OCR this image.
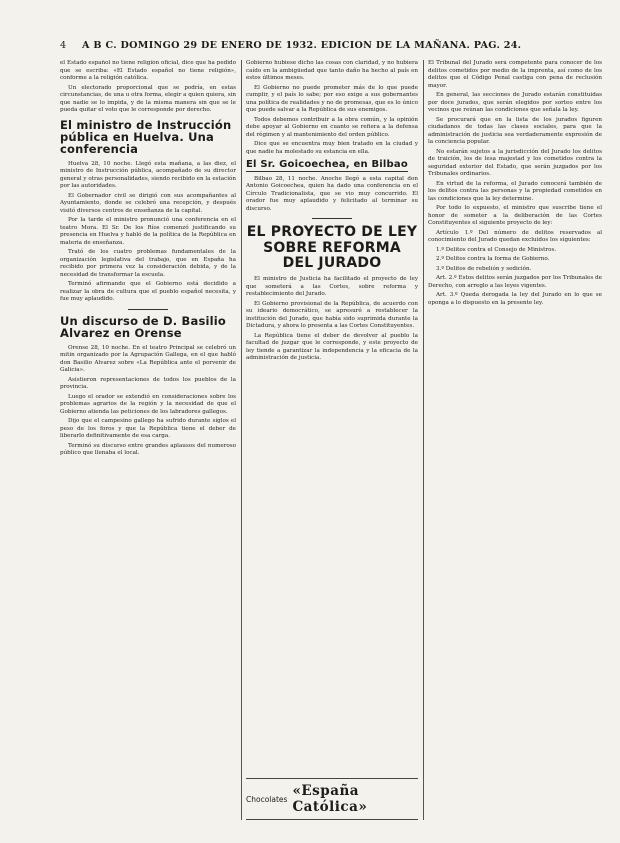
4 A B C. DOMINGO 29 DE ENERO DE 1932. EDICION DE LA MAÑANA. PAG. 24.

el Estado español no tiene religión oficial, dice que ha pedido que se escriba: «El Estado español no tiene religión», conforme a la religión católica.

Un electorado proporcional que se podría, en estas circunstancias, de una u otra forma, elegir a quien quiera, sin que nadie se lo impida, y de la misma manera sin que se le pueda quitar el voto que le corresponde por derecho.

El ministro de Instrucción pública en Huelva. Una conferencia

Huelva 28, 10 noche. Llegó esta mañana, a las diez, el ministro de Instrucción pública, acompañado de su director general y otras personalidades, siendo recibido en la estación por las autoridades.

El Gobernador civil se dirigió con sus acompañantes al Ayuntamiento, donde se celebró una recepción, y después visitó diversos centros de enseñanza de la capital.

Por la tarde el ministro pronunció una conferencia en el teatro Mora. El Sr. De los Ríos comenzó justificando su presencia en Huelva y habló de la política de la República en materia de enseñanza.

Trató de los cuatro problemas fundamentales de la organización legislativa del trabajo, que en España ha recibido por primera vez la consideración debida, y de la necesidad de transformar la escuela.

Terminó afirmando que el Gobierno está decidido a realizar la obra de cultura que el pueblo español necesita, y fue muy aplaudido.

Un discurso de D. Basilio Alvarez en Orense

Orense 28, 10 noche. En el teatro Principal se celebró un mitin organizado por la Agrupación Gallega, en el que habló don Basilio Alvarez sobre «La República ante el porvenir de Galicia».

Asistieron representaciones de todos los pueblos de la provincia.

Luego el orador se extendió en consideraciones sobre los problemas agrarios de la región y la necesidad de que el Gobierno atienda las peticiones de los labradores gallegos.

Dijo que el campesino gallego ha sufrido durante siglos el peso de los foros y que la República tiene el deber de liberarlo definitivamente de esa carga.

Terminó su discurso entre grandes aplausos del numeroso público que llenaba el local.

Gobierno hubiese dicho las cosas con claridad, y no hubiera caído en la ambigüedad que tanto daño ha hecho al país en estos últimos meses.

El Gobierno no puede prometer más de lo que puede cumplir, y el país lo sabe; por eso exige a sus gobernantes una política de realidades y no de promesas, que es lo único que puede salvar a la República de sus enemigos.

Todos debemos contribuir a la obra común, y la opinión debe apoyar al Gobierno en cuanto se refiera a la defensa del régimen y al mantenimiento del orden público.

Dice que se encuentra muy bien tratado en la ciudad y que nadie ha molestado su estancia en ella.

El Sr. Goicoechea, en Bilbao

Bilbao 28, 11 noche. Anoche llegó a esta capital don Antonio Goicoechea, quien ha dado una conferencia en el Círculo Tradicionalista, que se vio muy concurrido. El orador fue muy aplaudido y felicitado al terminar su discurso.

EL PROYECTO DE LEY SOBRE REFORMA DEL JURADO

El ministro de Justicia ha facilitado el proyecto de ley que someterá a las Cortes, sobre reforma y restablecimiento del Jurado.

El Gobierno provisional de la República, de acuerdo con su ideario democrático, se apresuró a restablecer la institución del Jurado, que había sido suprimida durante la Dictadura, y ahora lo presenta a las Cortes Constituyentes.

La República tiene el deber de devolver al pueblo la facultad de juzgar que le corresponde, y este proyecto de ley tiende a garantizar la independencia y la eficacia de la administración de justicia.

Chocolates «España Católica»

El Tribunal del Jurado será competente para conocer de los delitos cometidos por medio de la imprenta, así como de los delitos que el Código Penal castiga con pena de reclusión mayor.

En general, las secciones de Jurado estarán constituidas por doce jurados, que serán elegidos por sorteo entre los vecinos que reúnan las condiciones que señala la ley.

Se procurará que en la lista de los jurados figuren ciudadanos de todas las clases sociales, para que la administración de justicia sea verdaderamente expresión de la conciencia popular.

No estarán sujetos a la jurisdicción del Jurado los delitos de traición, los de lesa majestad y los cometidos contra la seguridad exterior del Estado, que serán juzgados por los Tribunales ordinarios.

En virtud de la reforma, el Jurado conocerá también de los delitos contra las personas y la propiedad cometidos en las condiciones que la ley determine.

Por todo lo expuesto, el ministro que suscribe tiene el honor de someter a la deliberación de las Cortes Constituyentes el siguiente proyecto de ley:

Artículo 1.º Del número de delitos reservados al conocimiento del Jurado quedan excluidos los siguientes:

1.º Delitos contra el Consejo de Ministros.

2.º Delitos contra la forma de Gobierno.

3.º Delitos de rebelión y sedición.

Art. 2.º Estos delitos serán juzgados por los Tribunales de Derecho, con arreglo a las leyes vigentes.

Art. 3.º Queda derogada la ley del Jurado en lo que se oponga a lo dispuesto en la presente ley.
